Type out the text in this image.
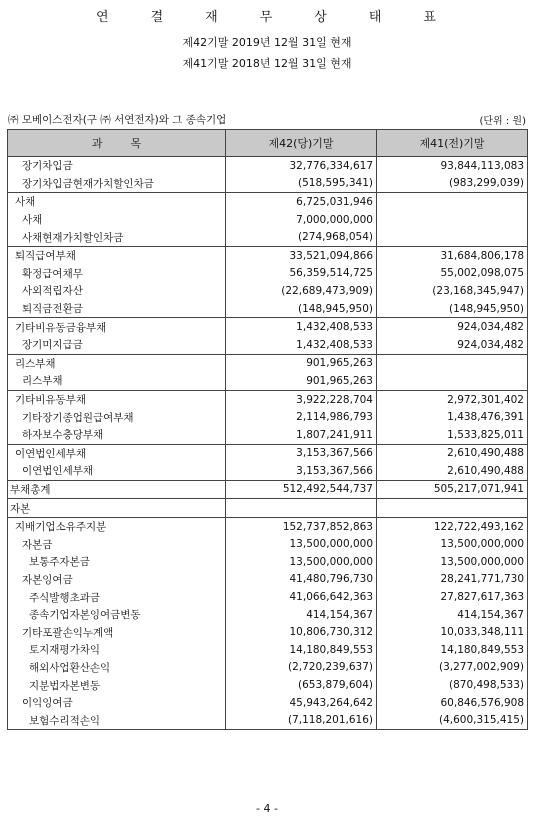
연결재무상태표
제42기말 2019년 12월 31일 현재
제41기말 2018년 12월 31일 현재
㈜ 모베이스전자(구 ㈜ 서연전자)와 그 종속기업	(단위 : 원)
과        목	제42(당)기말	제41(전)기말
장기차입금	32,776,334,617	93,844,113,083
장기차입금현재가치할인차금	(518,595,341)	(983,299,039)
사채	6,725,031,946	
사채	7,000,000,000	
사채현재가치할인차금	(274,968,054)	
퇴직급여부채	33,521,094,866	31,684,806,178
확정급여채무	56,359,514,725	55,002,098,075
사외적립자산	(22,689,473,909)	(23,168,345,947)
퇴직금전환금	(148,945,950)	(148,945,950)
기타비유동금융부채	1,432,408,533	924,034,482
장기미지급금	1,432,408,533	924,034,482
리스부채	901,965,263	
리스부채	901,965,263	
기타비유동부채	3,922,228,704	2,972,301,402
기타장기종업원급여부채	2,114,986,793	1,438,476,391
하자보수충당부채	1,807,241,911	1,533,825,011
이연법인세부채	3,153,367,566	2,610,490,488
이연법인세부채	3,153,367,566	2,610,490,488
부채총계	512,492,544,737	505,217,071,941
자본		
지배기업소유주지분	152,737,852,863	122,722,493,162
자본금	13,500,000,000	13,500,000,000
보통주자본금	13,500,000,000	13,500,000,000
자본잉여금	41,480,796,730	28,241,771,730
주식발행초과금	41,066,642,363	27,827,617,363
종속기업자본잉여금변동	414,154,367	414,154,367
기타포괄손익누계액	10,806,730,312	10,033,348,111
토지재평가차익	14,180,849,553	14,180,849,553
해외사업환산손익	(2,720,239,637)	(3,277,002,909)
지분법자본변동	(653,879,604)	(870,498,533)
이익잉여금	45,943,264,642	60,846,576,908
보험수리적손익	(7,118,201,616)	(4,600,315,415)
- 4 -
